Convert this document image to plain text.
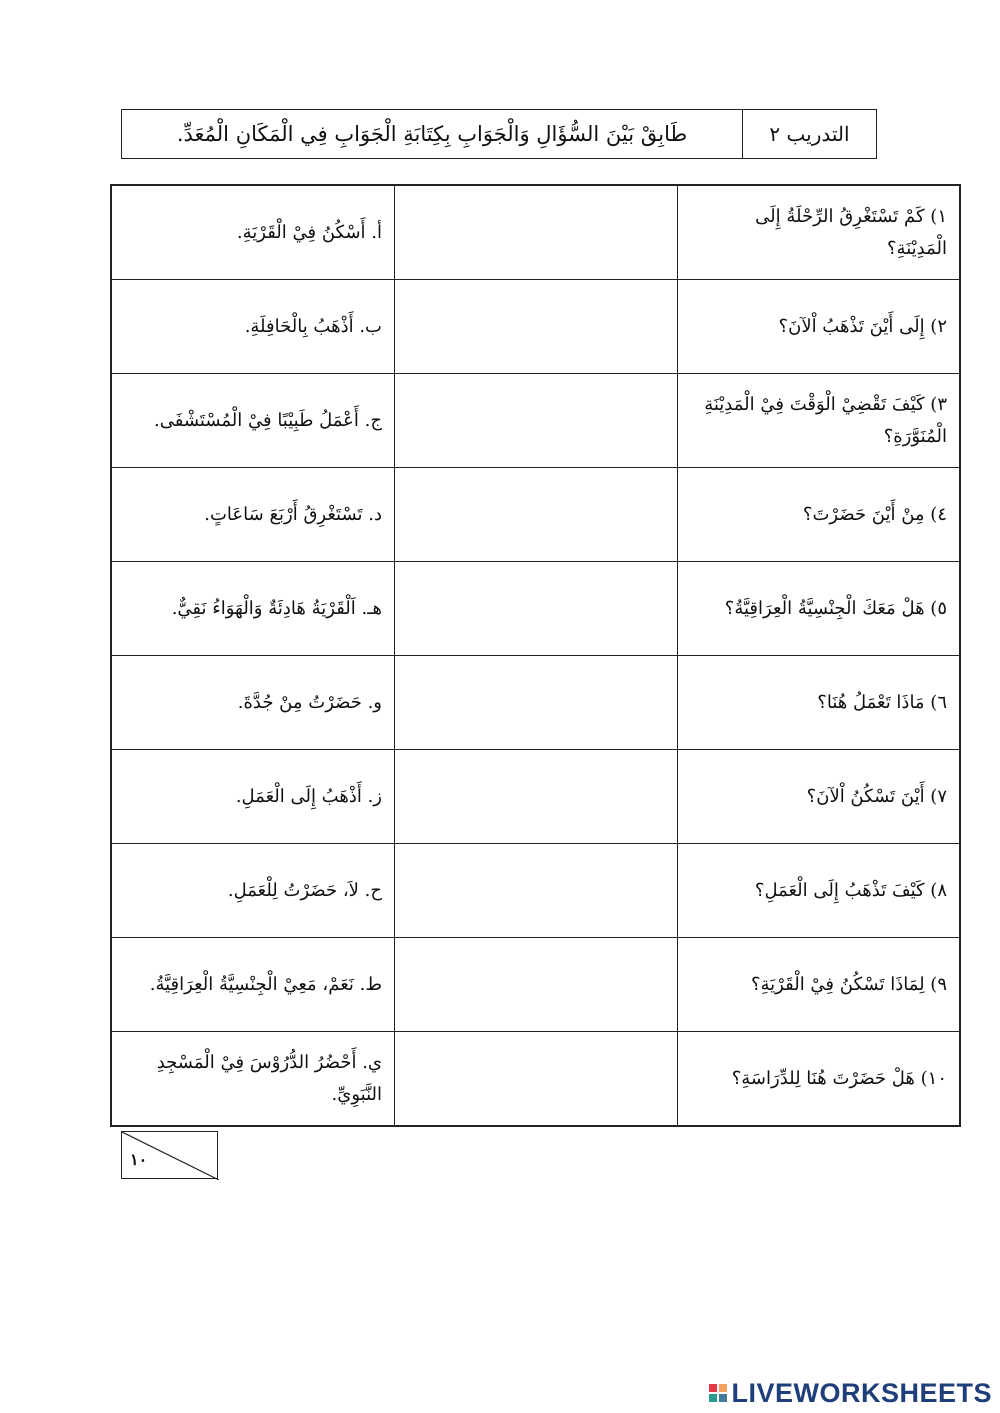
التدريب ٢
طَابِقْ بَيْنَ السُّؤَالِ وَالْجَوَابِ بِكِتَابَةِ الْجَوَابِ فِي الْمَكَانِ الْمُعَدِّ.
١) كَمْ تَسْتَغْرِقُ الرِّحْلَةُ إِلَى الْمَدِيْنَةِ؟		أ. أَسْكُنُ فِيْ الْقَرْيَةِ.
٢) إِلَى أَيْنَ تَذْهَبُ اْلآنَ؟		ب. أَذْهَبُ بِالْحَافِلَةِ.
٣) كَيْفَ تَقْضِيْ الْوَقْتَ فِيْ الْمَدِيْنَةِ الْمُنَوَّرَةِ؟		ج. أَعْمَلُ طَبِيْبًا فِيْ الْمُسْتَشْفَى.
٤) مِنْ أَيْنَ حَضَرْتَ؟		د. تَسْتَغْرِقُ أَرْبَعَ سَاعَاتٍ.
٥) هَلْ مَعَكَ الْجِنْسِيَّةُ الْعِرَاقِيَّةُ؟		هـ. اَلْقَرْيَةُ هَادِئَةٌ وَالْهَوَاءُ نَقِيٌّ.
٦) مَاذَا تَعْمَلُ هُنَا؟		و. حَضَرْتُ مِنْ جُدَّةَ.
٧) أَيْنَ تَسْكُنُ اْلآنَ؟		ز. أَذْهَبُ إِلَى الْعَمَلِ.
٨) كَيْفَ تَذْهَبُ إِلَى الْعَمَلِ؟		ح. لاَ، حَضَرْتُ لِلْعَمَلِ.
٩) لِمَاذَا تَسْكُنُ فِيْ الْقَرْيَةِ؟		ط. نَعَمْ، مَعِيْ الْجِنْسِيَّةُ الْعِرَاقِيَّةُ.
١٠) هَلْ حَضَرْتَ هُنَا لِلدِّرَاسَةِ؟		ي. أَحْضُرُ الدُّرُوْسَ فِيْ الْمَسْجِدِ النَّبَوِيِّ.
١٠
LIVEWORKSHEETS
